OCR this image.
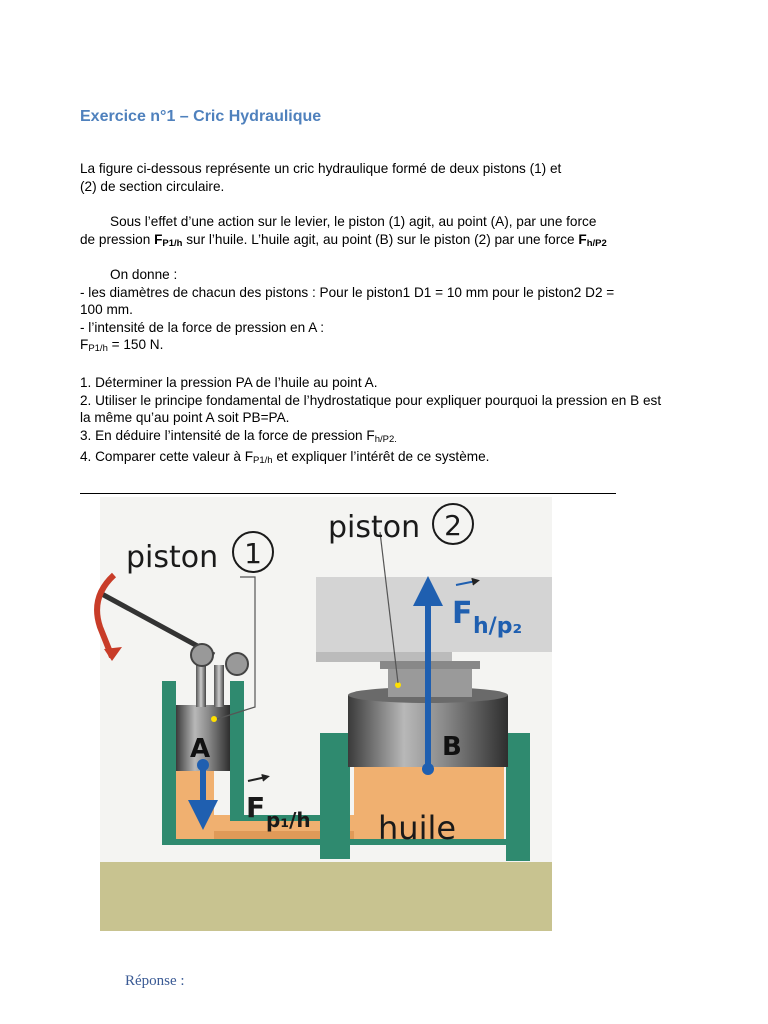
Exercice n°1 – Cric Hydraulique
La figure ci-dessous représente un cric hydraulique formé de deux pistons (1) et
(2) de section circulaire.
Sous l’effet d’une action sur le levier, le piston (1) agit, au point (A), par une force
de pression $F_{P1/h}$ sur l’huile. L’huile agit, au point (B) sur le piston (2) par une force $F_{h/P2}$
On donne :
- les diamètres de chacun des pistons : Pour le piston1 D1 = 10 mm pour le piston2 D2 =
100 mm.
- l’intensité de la force de pression en A :
$F_{P1/h} = 150$ N.
1. Déterminer la pression PA de l’huile au point A.
2. Utiliser le principe fondamental de l’hydrostatique pour expliquer pourquoi la pression en B est
la même qu’au point A soit PB=PA.
3. En déduire l’intensité de la force de pression $F_{h/P2.}$
4. Comparer cette valeur à $F_{P1/h}$ et expliquer l’intérêt de ce système.
piston 1
piston 2
A	B
huile
F p₁/h
F h/p₂
Réponse :
